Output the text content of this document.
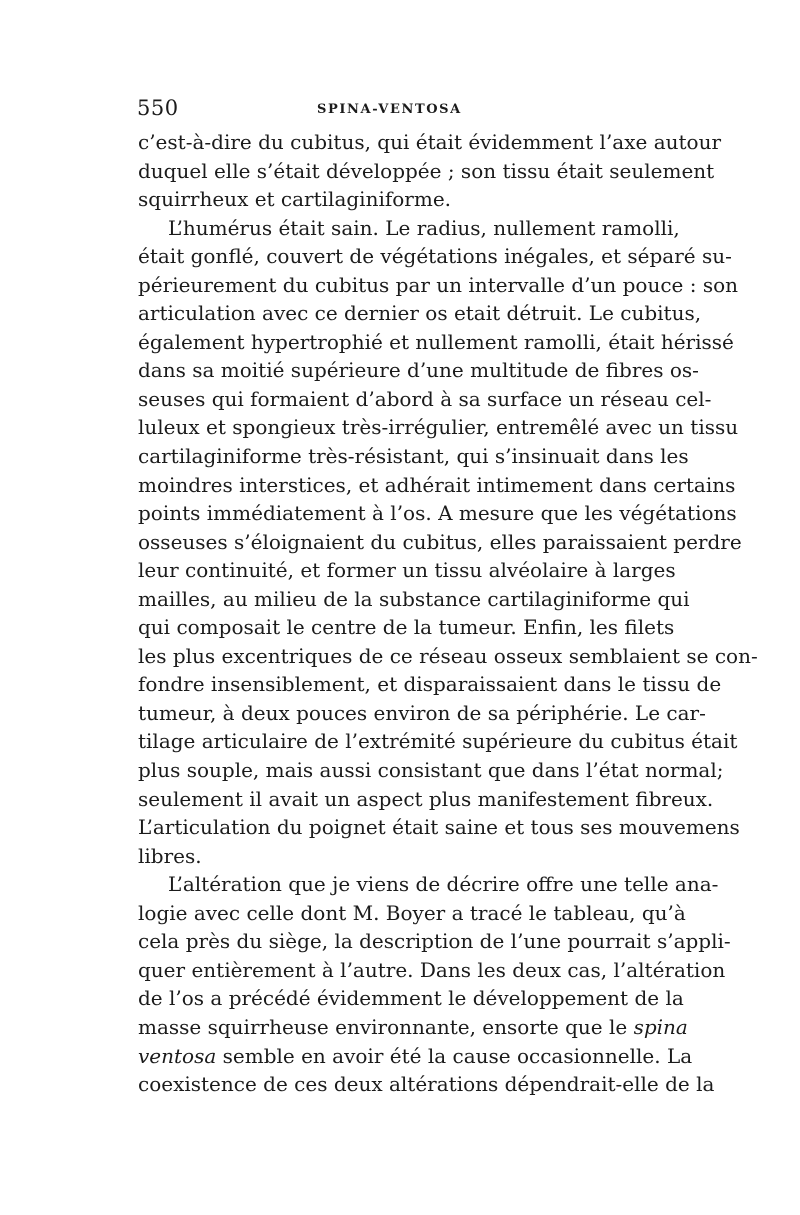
550	SPINA-VENTOSA
c’est-à-dire du cubitus, qui était évidemment l’axe autour
duquel elle s’était développée ; son tissu était seulement
squirrheux et cartilaginiforme.
L’humérus était sain. Le radius, nullement ramolli,
était gonflé, couvert de végétations inégales, et séparé su-
périeurement du cubitus par un intervalle d’un pouce : son
articulation avec ce dernier os etait détruit. Le cubitus,
également hypertrophié et nullement ramolli, était hérissé
dans sa moitié supérieure d’une multitude de fibres os-
seuses qui formaient d’abord à sa surface un réseau cel-
luleux et spongieux très-irrégulier, entremêlé avec un tissu
cartilaginiforme très-résistant, qui s’insinuait dans les
moindres interstices, et adhérait intimement dans certains
points immédiatement à l’os. A mesure que les végétations
osseuses s’éloignaient du cubitus, elles paraissaient perdre
leur continuité, et former un tissu alvéolaire à larges
mailles, au milieu de la substance cartilaginiforme qui
qui composait le centre de la tumeur. Enfin, les filets
les plus excentriques de ce réseau osseux semblaient se con-
fondre insensiblement, et disparaissaient dans le tissu de
tumeur, à deux pouces environ de sa périphérie. Le car-
tilage articulaire de l’extrémité supérieure du cubitus était
plus souple, mais aussi consistant que dans l’état normal;
seulement il avait un aspect plus manifestement fibreux.
L’articulation du poignet était saine et tous ses mouvemens
libres.
L’altération que je viens de décrire offre une telle ana-
logie avec celle dont M. Boyer a tracé le tableau, qu’à
cela près du siège, la description de l’une pourrait s’appli-
quer entièrement à l’autre. Dans les deux cas, l’altération
de l’os a précédé évidemment le développement de la
masse squirrheuse environnante, ensorte que le spina
ventosa semble en avoir été la cause occasionnelle. La
coexistence de ces deux altérations dépendrait-elle de la
